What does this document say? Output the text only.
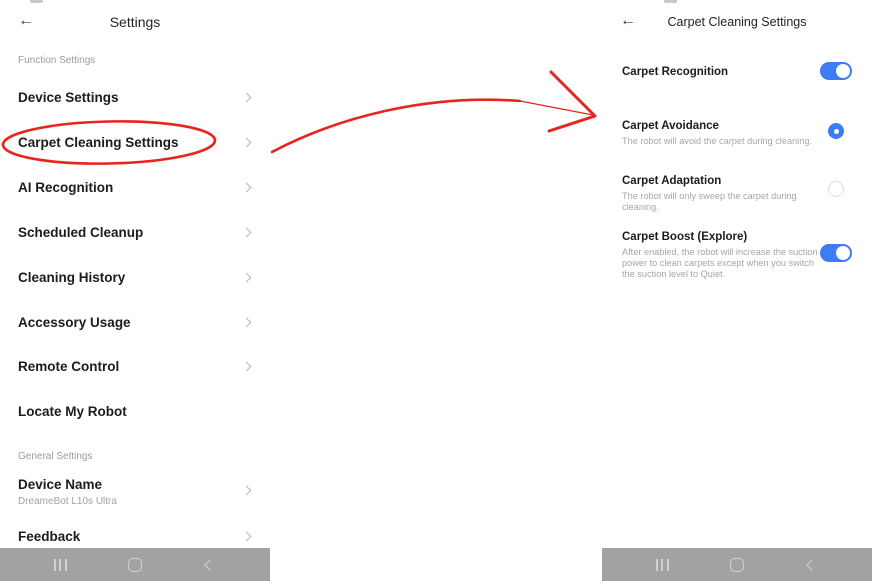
←	Settings
Function Settings
Device Settings
Carpet Cleaning Settings
AI Recognition
Scheduled Cleanup
Cleaning History
Accessory Usage
Remote Control
Locate My Robot
General Settings
Device Name
DreameBot L10s Ultra
Feedback
←	Carpet Cleaning Settings
Carpet Recognition
Carpet Avoidance
The robot will avoid the carpet during cleaning.
Carpet Adaptation
The robot will only sweep the carpet during cleaning.
Carpet Boost (Explore)
After enabled, the robot will increase the suction power to clean carpets except when you switch the suction level to Quiet.
